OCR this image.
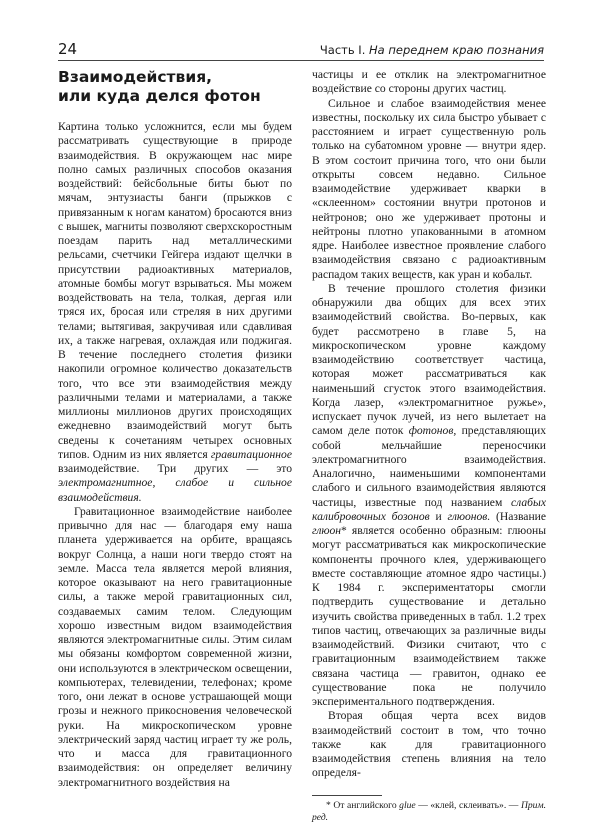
24	Часть I. На переднем краю познания
Взаимодействия,
или куда делся фотон

Картина только усложнится, если мы будем рассматривать существующие в природе взаимодействия. В окружающем нас мире полно самых различных способов оказания воздействий: бейсбольные биты бьют по мячам, энтузиасты банги (прыжков с привязанным к ногам канатом) бросаются вниз с вышек, магниты позволяют сверхскоростным поездам парить над металлическими рельсами, счетчики Гейгера издают щелчки в присутствии радиоактивных материалов, атомные бомбы могут взрываться. Мы можем воздействовать на тела, толкая, дергая или тряся их, бросая или стреляя в них другими телами; вытягивая, закручивая или сдавливая их, а также нагревая, охлаждая или поджигая. В течение последнего столетия физики накопили огромное количество доказательств того, что все эти взаимодействия между различными телами и материалами, а также миллионы миллионов других происходящих ежедневно взаимодействий могут быть сведены к сочетаниям четырех основных типов. Одним из них является гравитационное взаимодействие. Три других — это электромагнитное, слабое и сильное взаимодействия.

Гравитационное взаимодействие наиболее привычно для нас — благодаря ему наша планета удерживается на орбите, вращаясь вокруг Солнца, а наши ноги твердо стоят на земле. Масса тела является мерой влияния, которое оказывают на него гравитационные силы, а также мерой гравитационных сил, создаваемых самим телом. Следующим хорошо известным видом взаимодействия являются электромагнитные силы. Этим силам мы обязаны комфортом современной жизни, они используются в электрическом освещении, компьютерах, телевидении, телефонах; кроме того, они лежат в основе устрашающей мощи грозы и нежного прикосновения человеческой руки. На микроскопическом уровне электрический заряд частиц играет ту же роль, что и масса для гравитационного взаимодействия: он определяет величину электромагнитного воздействия на

частицы и ее отклик на электромагнитное воздействие со стороны других частиц.

Сильное и слабое взаимодействия менее известны, поскольку их сила быстро убывает с расстоянием и играет существенную роль только на субатомном уровне — внутри ядер. В этом состоит причина того, что они были открыты совсем недавно. Сильное взаимодействие удерживает кварки в «склеенном» состоянии внутри протонов и нейтронов; оно же удерживает протоны и нейтроны плотно упакованными в атомном ядре. Наиболее известное проявление слабого взаимодействия связано с радиоактивным распадом таких веществ, как уран и кобальт.

В течение прошлого столетия физики обнаружили два общих для всех этих взаимодействий свойства. Во-первых, как будет рассмотрено в главе 5, на микроскопическом уровне каждому взаимодействию соответствует частица, которая может рассматриваться как наименьший сгусток этого взаимодействия. Когда лазер, «электромагнитное ружье», испускает пучок лучей, из него вылетает на самом деле поток фотонов, представляющих собой мельчайшие переносчики электромагнитного взаимодействия. Аналогично, наименьшими компонентами слабого и сильного взаимодействия являются частицы, известные под названием слабых калибровочных бозонов и глюонов. (Название глюон* является особенно образным: глюоны могут рассматриваться как микроскопические компоненты прочного клея, удерживающего вместе составляющие атомное ядро частицы.) К 1984 г. экспериментаторы смогли подтвердить существование и детально изучить свойства приведенных в табл. 1.2 трех типов частиц, отвечающих за различные виды взаимодействий. Физики считают, что с гравитационным взаимодействием также связана частица — гравитон, однако ее существование пока не получило экспериментального подтверждения.

Вторая общая черта всех видов взаимодействий состоит в том, что точно также как для гравитационного взаимодействия степень влияния на тело определя-

* От английского glue — «клей, склеивать». — Прим. ред.
